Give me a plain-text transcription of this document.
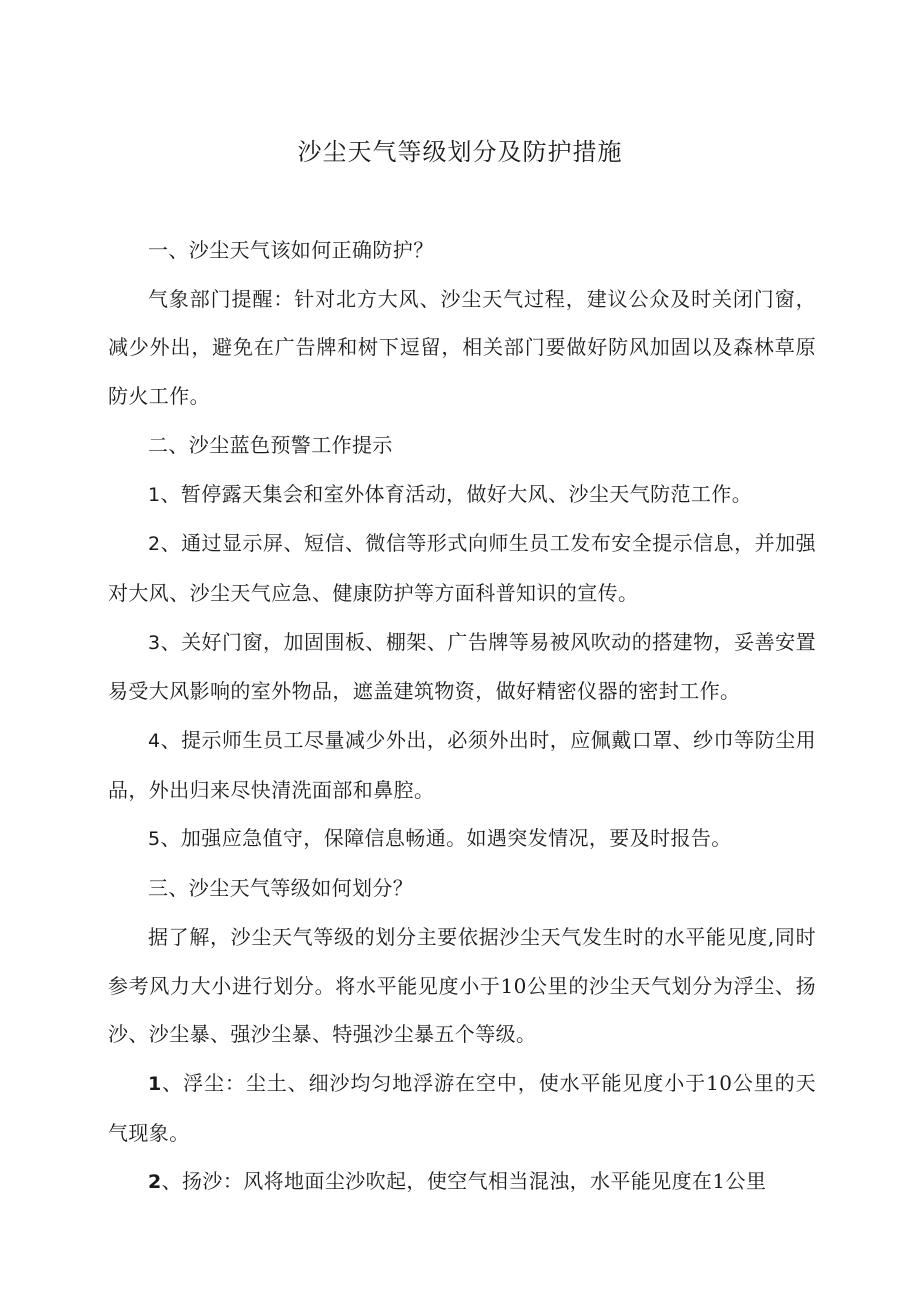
沙尘天气等级划分及防护措施

一、沙尘天气该如何正确防护？

气象部门提醒：针对北方大风、沙尘天气过程，建议公众及时关闭门窗，减少外出，避免在广告牌和树下逗留，相关部门要做好防风加固以及森林草原防火工作。

二、沙尘蓝色预警工作提示

1、暂停露天集会和室外体育活动，做好大风、沙尘天气防范工作。

2、通过显示屏、短信、微信等形式向师生员工发布安全提示信息，并加强对大风、沙尘天气应急、健康防护等方面科普知识的宣传。

3、关好门窗，加固围板、棚架、广告牌等易被风吹动的搭建物，妥善安置易受大风影响的室外物品，遮盖建筑物资，做好精密仪器的密封工作。

4、提示师生员工尽量减少外出，必须外出时，应佩戴口罩、纱巾等防尘用品，外出归来尽快清洗面部和鼻腔。

5、加强应急值守，保障信息畅通。如遇突发情况，要及时报告。

三、沙尘天气等级如何划分？

据了解，沙尘天气等级的划分主要依据沙尘天气发生时的水平能见度,同时参考风力大小进行划分。将水平能见度小于10公里的沙尘天气划分为浮尘、扬沙、沙尘暴、强沙尘暴、特强沙尘暴五个等级。

1、浮尘：尘土、细沙均匀地浮游在空中，使水平能见度小于10公里的天气现象。

2、扬沙：风将地面尘沙吹起，使空气相当混浊，水平能见度在1公里
